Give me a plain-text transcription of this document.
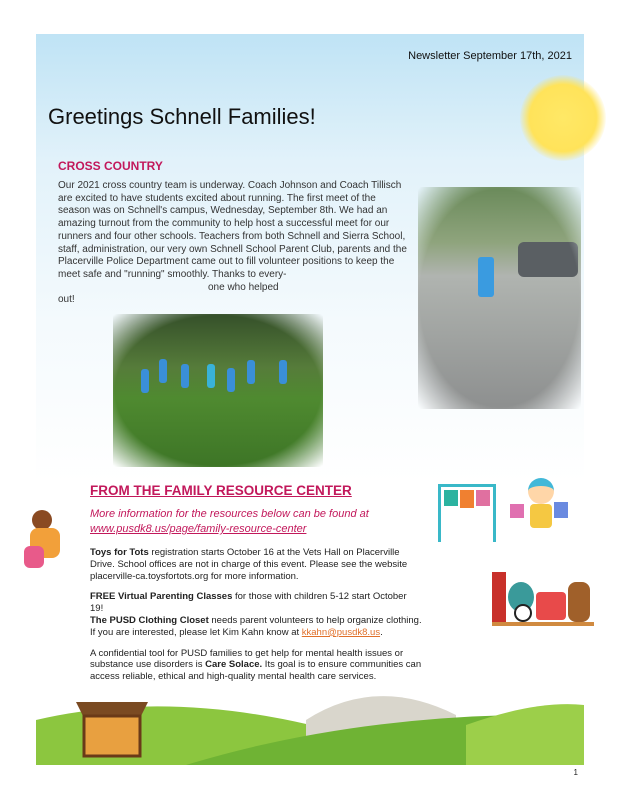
Newsletter September 17th, 2021
Greetings Schnell Families!
CROSS COUNTRY
Our 2021 cross country team is underway. Coach Johnson and Coach Tillisch are excited to have students excited about running. The first meet of the season was on Schnell's campus, Wednesday, September 8th. We had an amazing turnout from the community to help host a successful meet for our runners and four other schools. Teachers from both Schnell and Sierra School, staff, administration, our very own Schnell School Parent Club, parents and the Placerville Police Department came out to fill volunteer positions to keep the meet safe and "running" smoothly. Thanks to every-one who helped
out!
FROM THE FAMILY RESOURCE CENTER
More information for the resources below can be found at
www.pusdk8.us/page/family-resource-center
Toys for Tots registration starts October 16 at the Vets Hall on Placerville Drive. School offices are not in charge of this event. Please see the website placerville-ca.toysfortots.org for more information.
FREE Virtual Parenting Classes for those with children 5-12 start October 19!
The PUSD Clothing Closet needs parent volunteers to help organize clothing. If you are interested, please let Kim Kahn know at kkahn@pusdk8.us.
A confidential tool for PUSD families to get help for mental health issues or substance use disorders is Care Solace. Its goal is to ensure communities can access reliable, ethical and high-quality mental health care services.
1
